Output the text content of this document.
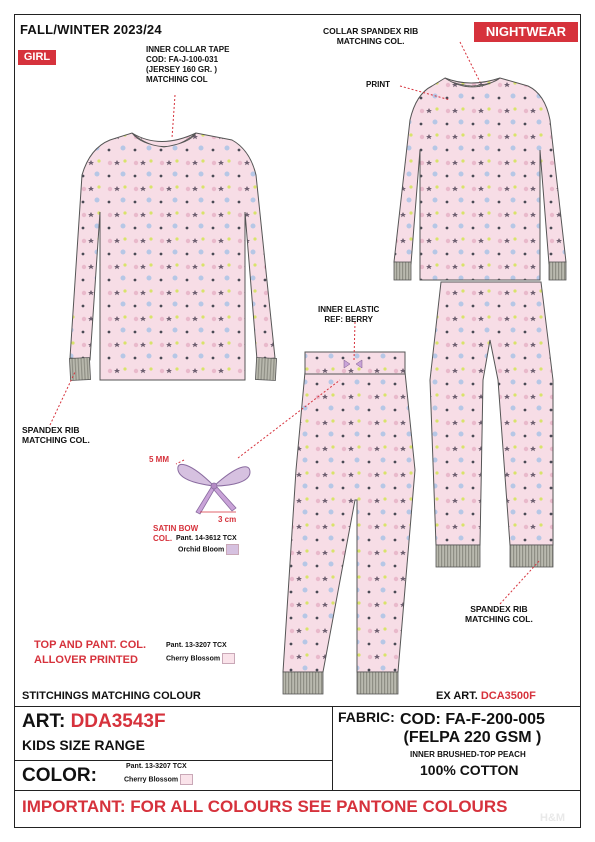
FALL/WINTER 2023/24
GIRL
NIGHTWEAR
INNER COLLAR TAPE
COD: FA-J-100-031
(JERSEY 160 GR. )
MATCHING COL
COLLAR SPANDEX RIB
MATCHING COL.
PRINT
INNER ELASTIC
REF: BERRY
SPANDEX RIB
MATCHING COL.
SPANDEX RIB
MATCHING COL.
5 MM
3 cm
SATIN BOW
COL. Pant. 14-3612 TCX
Orchid Bloom
TOP AND PANT. COL.
ALLOVER PRINTED
Pant. 13-3207 TCX
Cherry Blossom
STITCHINGS MATCHING COLOUR	EX ART. DCA3500F
ART: DDA3543F
KIDS SIZE RANGE
COLOR:	Pant. 13-3207 TCX
Cherry Blossom
FABRIC: COD: FA-F-200-005
(FELPA 220 GSM )
INNER BRUSHED-TOP PEACH
100% COTTON
IMPORTANT: FOR ALL COLOURS SEE PANTONE COLOURS
H&M
